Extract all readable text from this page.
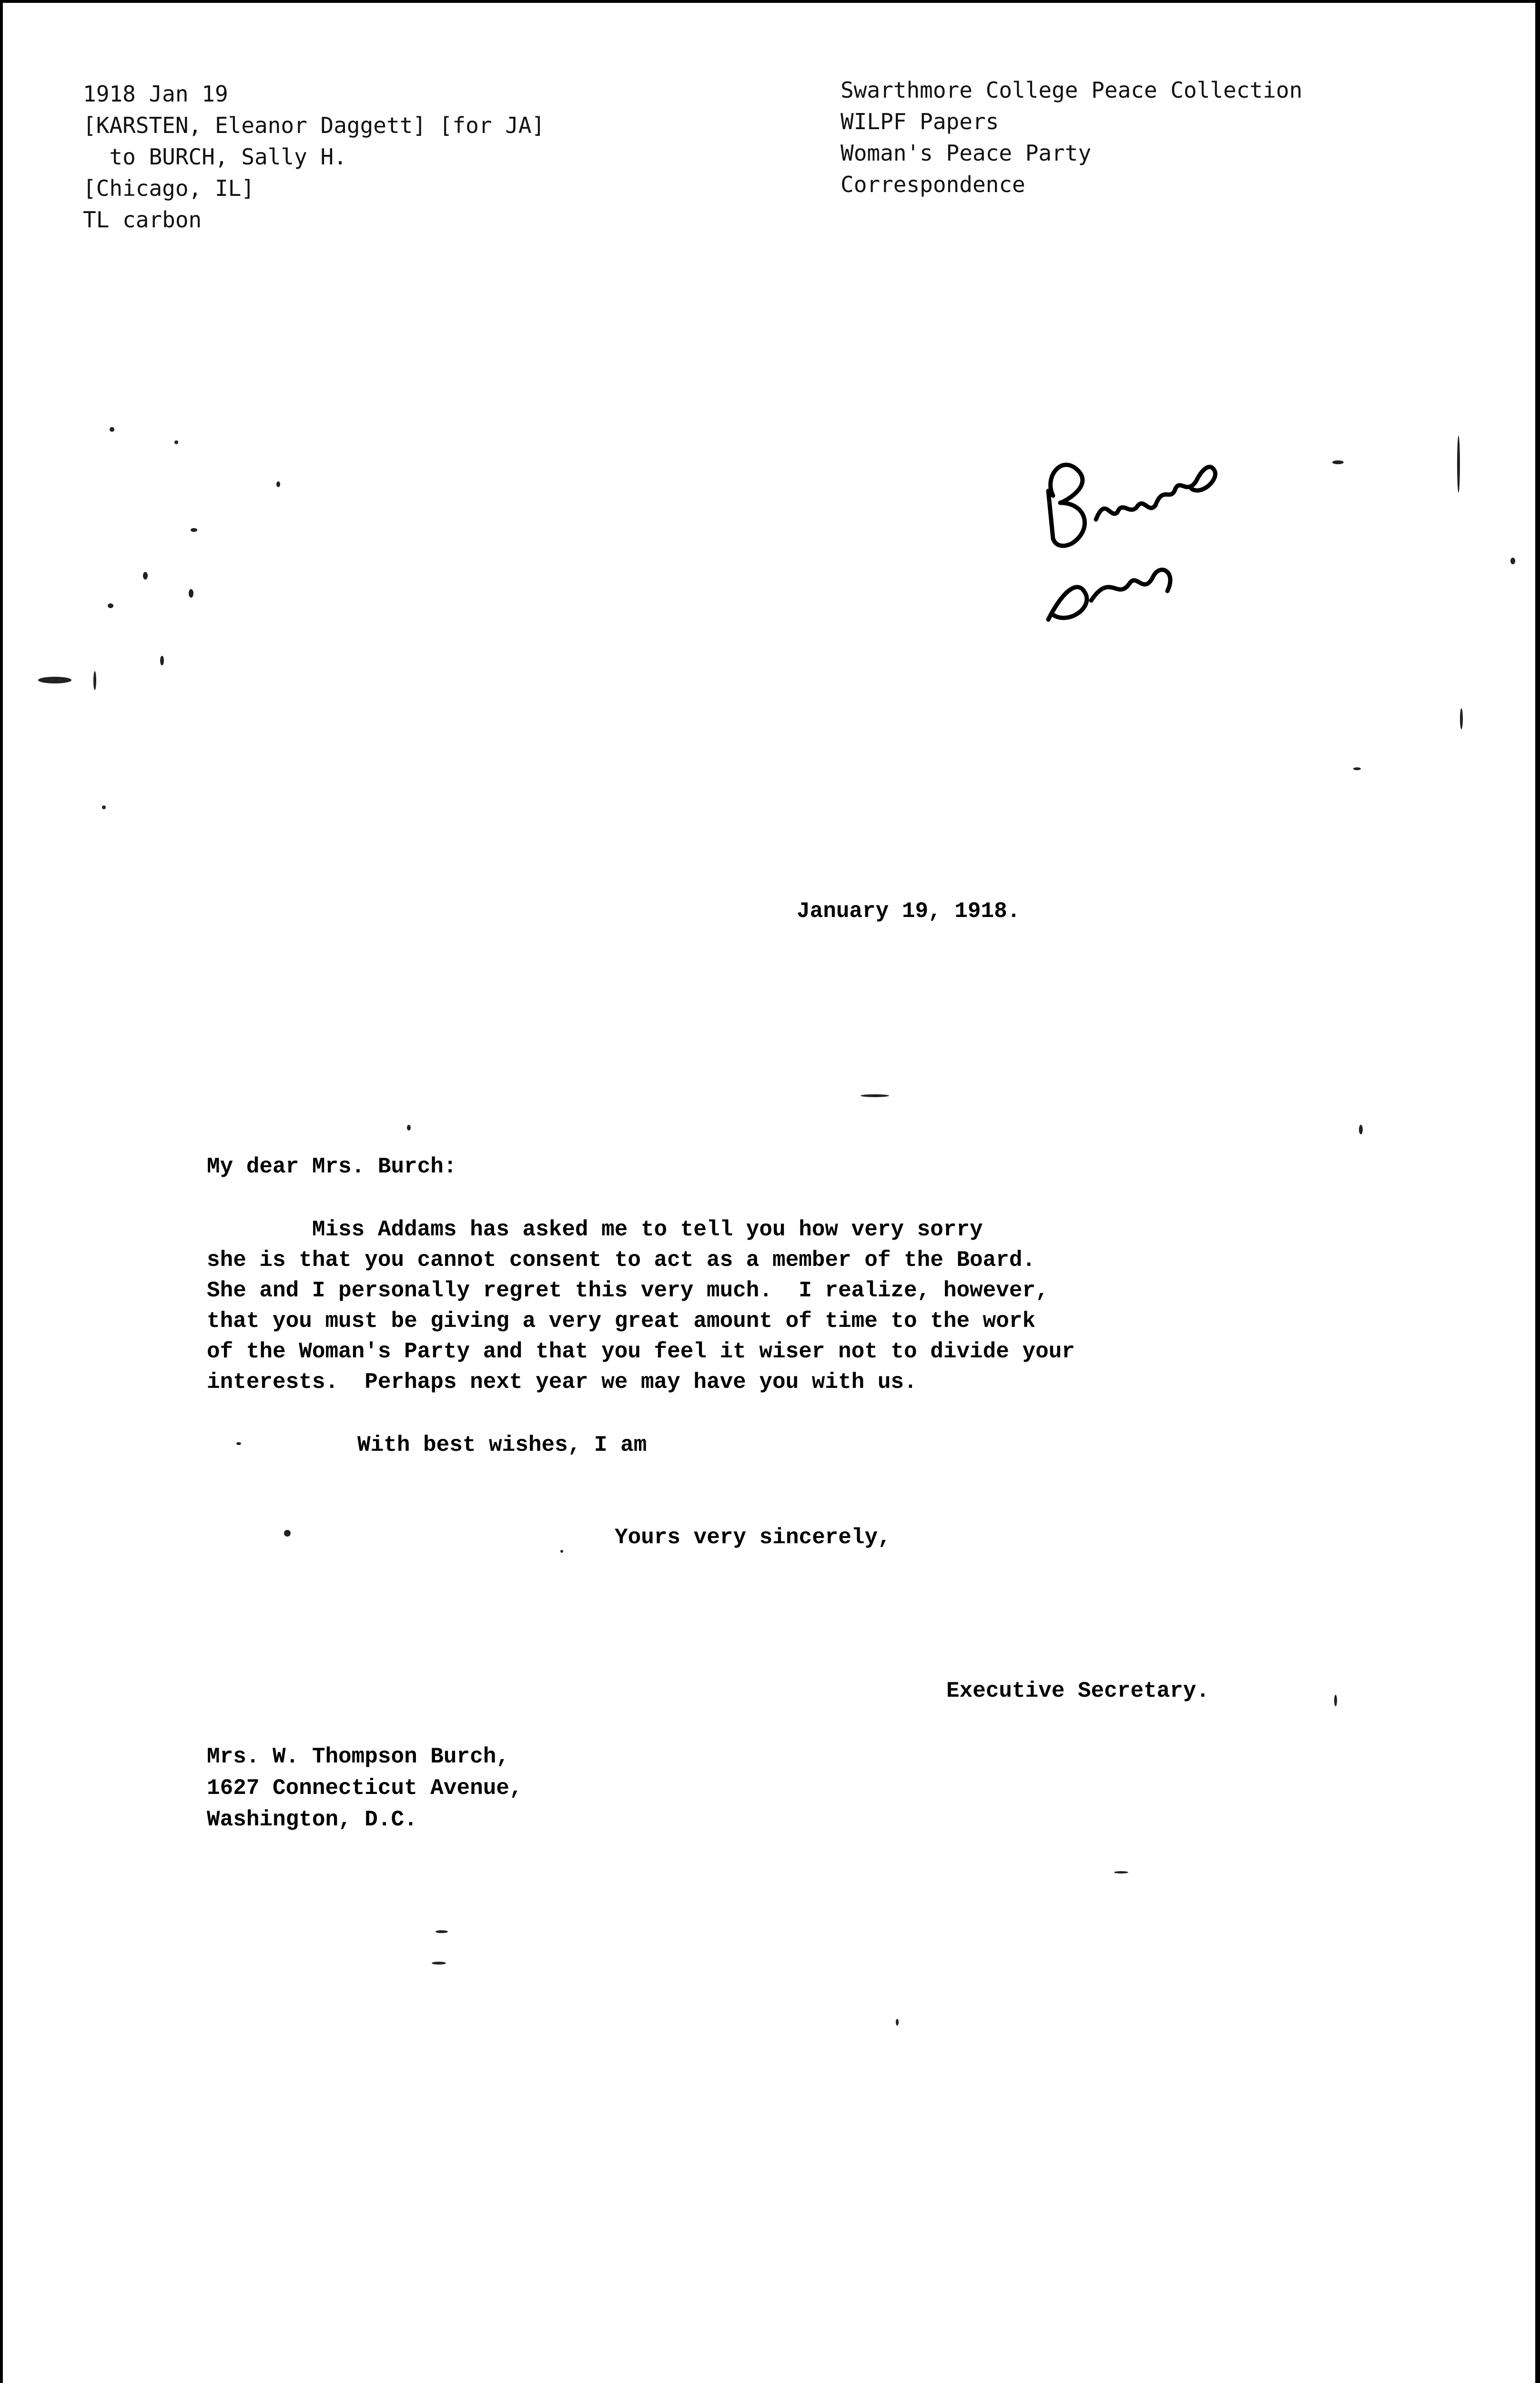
1918 Jan 19
[KARSTEN, Eleanor Daggett] [for JA]
to BURCH, Sally H.
[Chicago, IL]
TL carbon
Swarthmore College Peace Collection
WILPF Papers
Woman's Peace Party
Correspondence
January 19, 1918.
My dear Mrs. Burch:
Miss Addams has asked me to tell you how very sorry
she is that you cannot consent to act as a member of the Board.
She and I personally regret this very much.  I realize, however,
that you must be giving a very great amount of time to the work
of the Woman's Party and that you feel it wiser not to divide your
interests.  Perhaps next year we may have you with us.
With best wishes, I am
Yours very sincerely,
Executive Secretary.
Mrs. W. Thompson Burch,
1627 Connecticut Avenue,
Washington, D.C.
